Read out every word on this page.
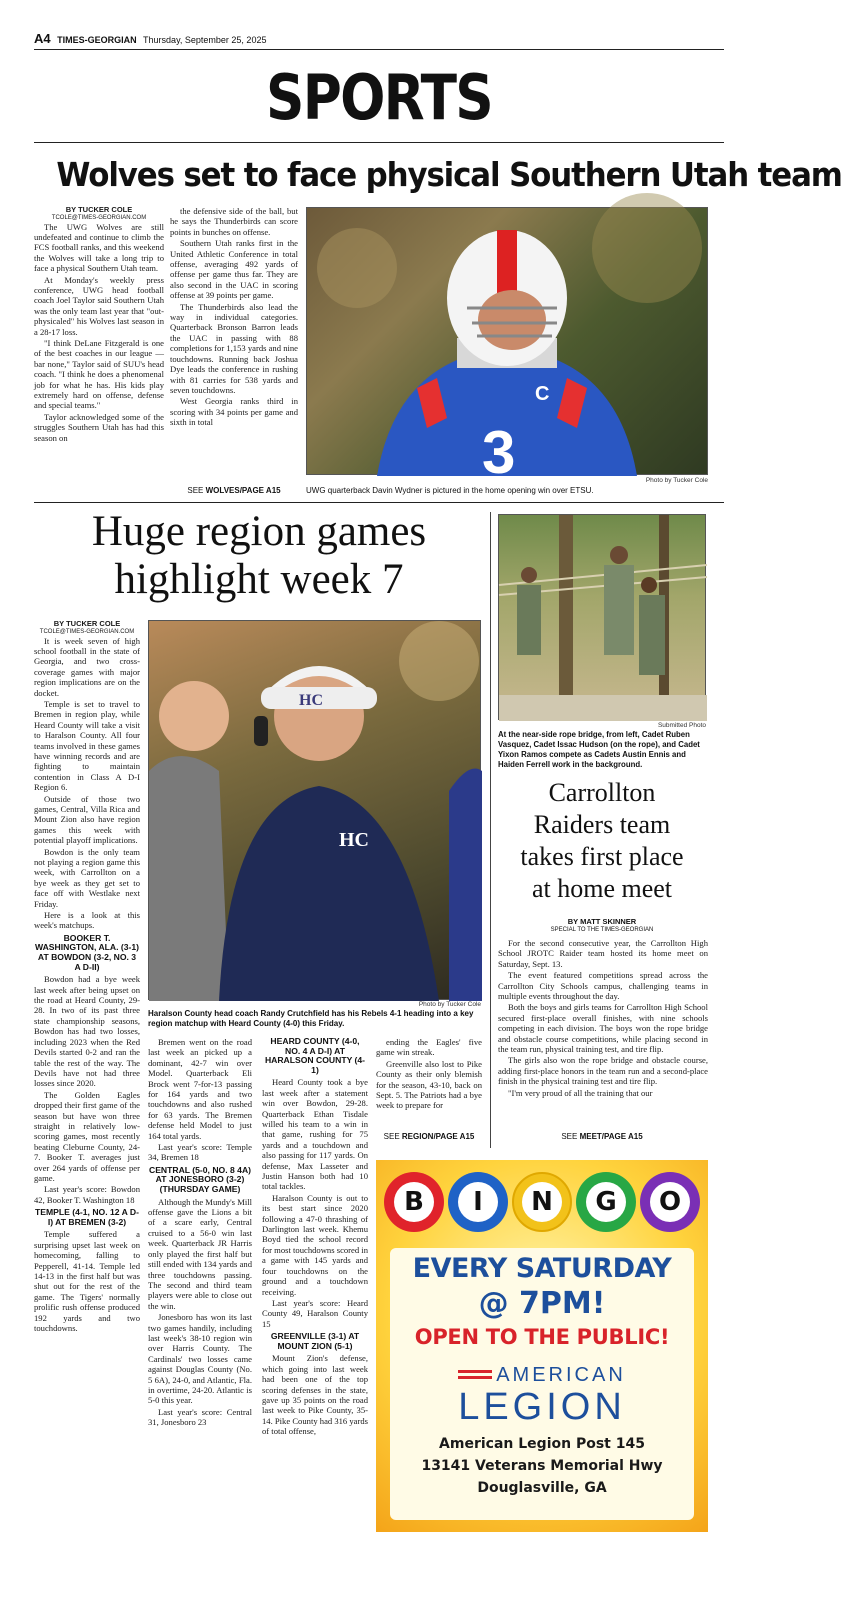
A4 TIMES-GEORGIAN Thursday, September 25, 2025
SPORTS
Wolves set to face physical Southern Utah team
BY TUCKER COLE
TCOLE@TIMES-GEORGIAN.COM

The UWG Wolves are still undefeated and continue to climb the FCS football ranks, and this weekend the Wolves will take a long trip to face a physical Southern Utah team.

At Monday's weekly press conference, UWG head football coach Joel Taylor said Southern Utah was the only team last year that "out-physicaled" his Wolves last season in a 28-17 loss.

"I think DeLane Fitzgerald is one of the best coaches in our league — bar none," Taylor said of SUU's head coach. "I think he does a phenomenal job for what he has. His kids play extremely hard on offense, defense and special teams."

Taylor acknowledged some of the struggles Southern Utah has had this season on

the defensive side of the ball, but he says the Thunderbirds can score points in bunches on offense.

Southern Utah ranks first in the United Athletic Conference in total offense, averaging 492 yards of offense per game thus far. They are also second in the UAC in scoring offense at 39 points per game.

The Thunderbirds also lead the way in individual categories. Quarterback Bronson Barron leads the UAC in passing with 88 completions for 1,153 yards and nine touchdowns. Running back Joshua Dye leads the conference in rushing with 81 carries for 538 yards and seven touchdowns.

West Georgia ranks third in scoring with 34 points per game and sixth in total

SEE WOLVES/PAGE A15
C
3	Photo by Tucker Cole
UWG quarterback Davin Wydner is pictured in the home opening win over ETSU.
Huge region games
highlight week 7
BY TUCKER COLE
TCOLE@TIMES-GEORGIAN.COM

It is week seven of high school football in the state of Georgia, and two cross-coverage games with major region implications are on the docket.

Temple is set to travel to Bremen in region play, while Heard County will take a visit to Haralson County. All four teams involved in these games have winning records and are fighting to maintain contention in Class A D-I Region 6.

Outside of those two games, Central, Villa Rica and Mount Zion also have region games this week with potential playoff implications.

Bowdon is the only team not playing a region game this week, with Carrollton on a bye week as they get set to face off with Westlake next Friday.

Here is a look at this week's matchups.

BOOKER T. WASHINGTON, ALA. (3-1) AT BOWDON (3-2, NO. 3 A D-II)

Bowdon had a bye week last week after being upset on the road at Heard County, 29-28. In two of its past three state championship seasons, Bowdon has had two losses, including 2023 when the Red Devils started 0-2 and ran the table the rest of the way. The Devils have not had three losses since 2020.

The Golden Eagles dropped their first game of the season but have won three straight in relatively low-scoring games, most recently beating Cleburne County, 24-7. Booker T. averages just over 264 yards of offense per game.

Last year's score: Bowdon 42, Booker T. Washington 18

TEMPLE (4-1, NO. 12 A D-I) AT BREMEN (3-2)

Temple suffered a surprising upset last week on homecoming, falling to Pepperell, 41-14. Temple led 14-13 in the first half but was shut out for the rest of the game. The Tigers' normally prolific rush offense produced 192 yards and two touchdowns.

HC
HC
Photo by Tucker Cole
Haralson County head coach Randy Crutchfield has his Rebels 4-1 heading into a key region matchup with Heard County (4-0) this Friday.

Bremen went on the road last week an picked up a dominant, 42-7 win over Model. Quarterback Eli Brock went 7-for-13 passing for 164 yards and two touchdowns and also rushed for 63 yards. The Bremen defense held Model to just 164 total yards.

Last year's score: Temple 34, Bremen 18

CENTRAL (5-0, NO. 8 4A) AT JONESBORO (3-2) (THURSDAY GAME)

Although the Mundy's Mill offense gave the Lions a bit of a scare early, Central cruised to a 56-0 win last week. Quarterback JR Harris only played the first half but still ended with 134 yards and three touchdowns passing. The second and third team players were able to close out the win.

Jonesboro has won its last two games handily, including last week's 38-10 region win over Harris County. The Cardinals' two losses came against Douglas County (No. 5 6A), 24-0, and Atlantic, Fla. in overtime, 24-20. Atlantic is 5-0 this year.

Last year's score: Central 31, Jonesboro 23

HEARD COUNTY (4-0, NO. 4 A D-I) AT HARALSON COUNTY (4-1)

Heard County took a bye last week after a statement win over Bowdon, 29-28. Quarterback Ethan Tisdale willed his team to a win in that game, rushing for 75 yards and a touchdown and also passing for 117 yards. On defense, Max Lasseter and Justin Hanson both had 10 total tackles.

Haralson County is out to its best start since 2020 following a 47-0 thrashing of Darlington last week. Khemu Boyd tied the school record for most touchdowns scored in a game with 145 yards and four touchdowns on the ground and a touchdown receiving.

Last year's score: Heard County 49, Haralson County 15

GREENVILLE (3-1) AT MOUNT ZION (5-1)

Mount Zion's defense, which going into last week had been one of the top scoring defenses in the state, gave up 35 points on the road last week to Pike County, 35-14. Pike County had 316 yards of total offense,

ending the Eagles' five game win streak.

Greenville also lost to Pike County as their only blemish for the season, 43-10, back on Sept. 5. The Patriots had a bye week to prepare for

SEE REGION/PAGE A15
Submitted Photo
At the near-side rope bridge, from left, Cadet Ruben Vasquez, Cadet Issac Hudson (on the rope), and Cadet Yixon Ramos compete as Cadets Austin Ennis and Haiden Ferrell work in the background.
Carrollton
Raiders team
takes first place
at home meet
BY MATT SKINNER
SPECIAL TO THE TIMES-GEORGIAN

For the second consecutive year, the Carrollton High School JROTC Raider team hosted its home meet on Saturday, Sept. 13.

The event featured competitions spread across the Carrollton City Schools campus, challenging teams in multiple events throughout the day.

Both the boys and girls teams for Carrollton High School secured first-place overall finishes, with nine schools competing in each division. The boys won the rope bridge and obstacle course competitions, while placing second in the team run, physical training test, and tire flip.

The girls also won the rope bridge and obstacle course, adding first-place honors in the team run and a second-place finish in the physical training test and tire flip.

"I'm very proud of all the training that our

SEE MEET/PAGE A15
B	I	N	G	O
EVERY SATURDAY
@ 7PM!
OPEN TO THE PUBLIC!
AMERICAN
LEGION
American Legion Post 145
13141 Veterans Memorial Hwy
Douglasville, GA
